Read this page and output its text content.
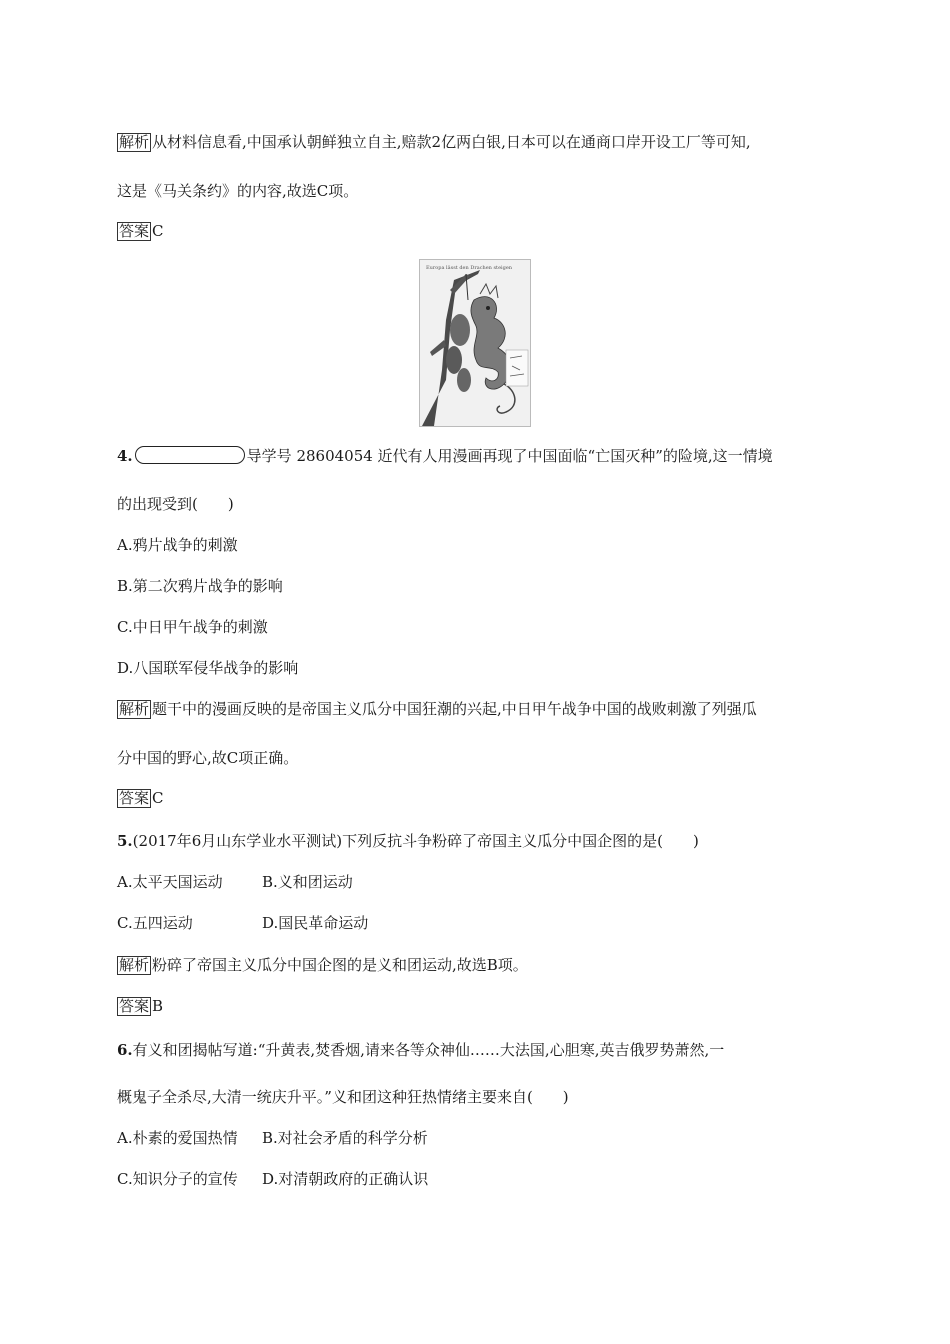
解析 从材料信息看,中国承认朝鲜独立自主,赔款2亿两白银,日本可以在通商口岸开设工厂等可知,
这是《马关条约》的内容,故选C项。
答案 C
Europa lässt den Drachen steigen
4.	导学号 28604054 近代有人用漫画再现了中国面临“亡国灭种”的险境,这一情境
的出现受到(　　)
A.鸦片战争的刺激
B.第二次鸦片战争的影响
C.中日甲午战争的刺激
D.八国联军侵华战争的影响
解析 题干中的漫画反映的是帝国主义瓜分中国狂潮的兴起,中日甲午战争中国的战败刺激了列强瓜
分中国的野心,故C项正确。
答案 C
5.(2017年6月山东学业水平测试)下列反抗斗争粉碎了帝国主义瓜分中国企图的是(　　)
A.太平天国运动	B.义和团运动
C.五四运动	D.国民革命运动
解析 粉碎了帝国主义瓜分中国企图的是义和团运动,故选B项。
答案 B
6.有义和团揭帖写道:“升黄表,焚香烟,请来各等众神仙……大法国,心胆寒,英吉俄罗势萧然,一
概鬼子全杀尽,大清一统庆升平。”义和团这种狂热情绪主要来自(　　)
A.朴素的爱国热情 B.对社会矛盾的科学分析
C.知识分子的宣传 D.对清朝政府的正确认识
